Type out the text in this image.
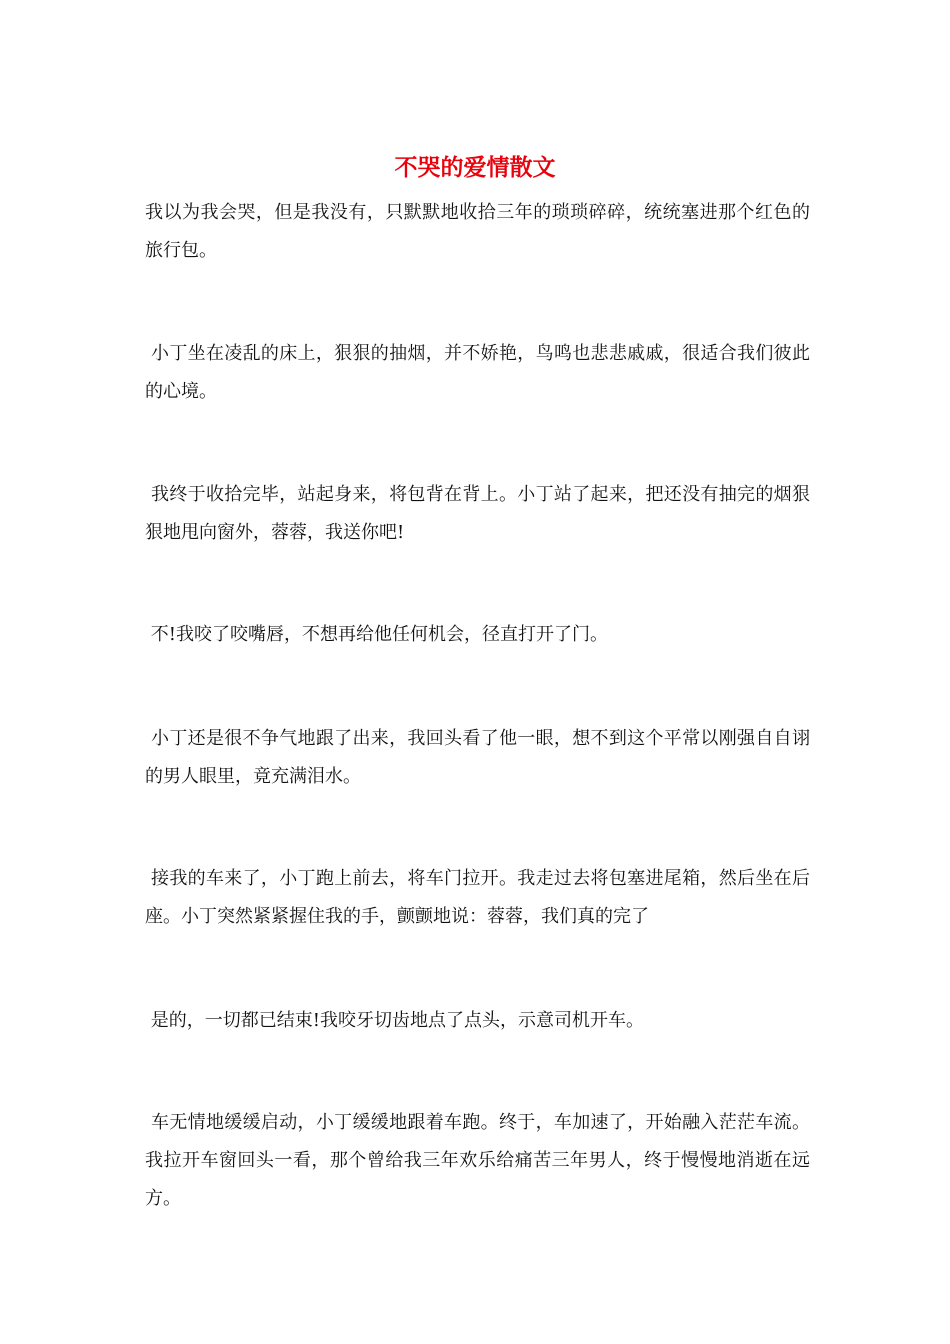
不哭的爱情散文

我以为我会哭，但是我没有，只默默地收拾三年的琐琐碎碎，统统塞进那个红色的旅行包。

小丁坐在凌乱的床上，狠狠的抽烟，并不娇艳，鸟鸣也悲悲戚戚，很适合我们彼此的心境。

我终于收拾完毕，站起身来，将包背在背上。小丁站了起来，把还没有抽完的烟狠狠地甩向窗外，蓉蓉，我送你吧!

不!我咬了咬嘴唇，不想再给他任何机会，径直打开了门。

小丁还是很不争气地跟了出来，我回头看了他一眼，想不到这个平常以刚强自自诩的男人眼里，竟充满泪水。

接我的车来了，小丁跑上前去，将车门拉开。我走过去将包塞进尾箱，然后坐在后座。小丁突然紧紧握住我的手，颤颤地说：蓉蓉，我们真的完了

是的，一切都已结束!我咬牙切齿地点了点头，示意司机开车。

车无情地缓缓启动，小丁缓缓地跟着车跑。终于，车加速了，开始融入茫茫车流。我拉开车窗回头一看，那个曾给我三年欢乐给痛苦三年男人，终于慢慢地消逝在远方。
